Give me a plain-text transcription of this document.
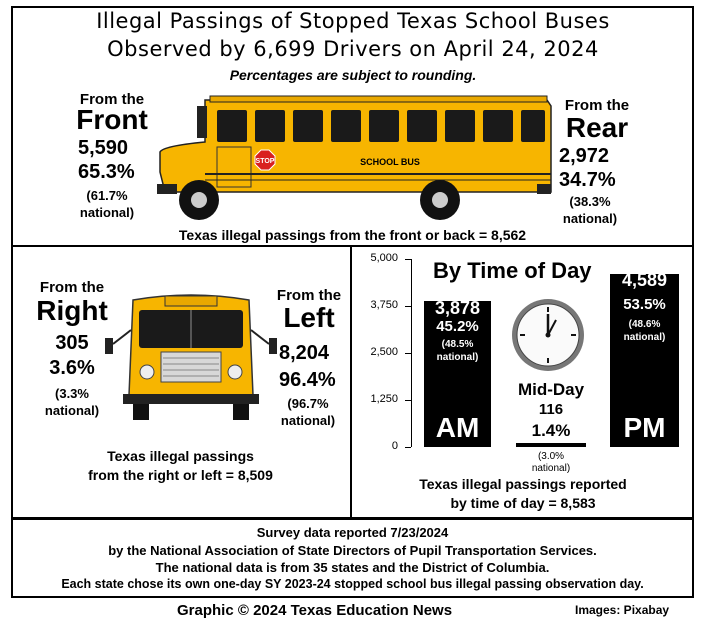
Illegal Passings of Stopped Texas School Buses
Observed by 6,699 Drivers on April 24, 2024
Percentages are subject to rounding.
From the
Front
5,590
65.3%
(61.7%
national)
STOP	SCHOOL BUS
From the
Rear
2,972
34.7%
(38.3%
national)
Texas illegal passings from the front or back = 8,562
From the
Right
305
3.6%
(3.3%
national)
From the
Left
8,204
96.4%
(96.7%
national)
Texas illegal passings
from the right or left = 8,509
By Time of Day
0
1,250
2,500
3,750
5,000
3,878
45.2%
(48.5%
national)
AM
4,589
53.5%
(48.6%
national)
PM
Mid-Day
116
1.4%
(3.0%
national)
Texas illegal passings reported
by time of day = 8,583
Survey data reported 7/23/2024
by the National Association of State Directors of Pupil Transportation Services.
The national data is from 35 states and the District of Columbia.
Each state chose its own one-day SY 2023-24 stopped school bus illegal passing observation day.
Graphic © 2024 Texas Education News	Images: Pixabay
